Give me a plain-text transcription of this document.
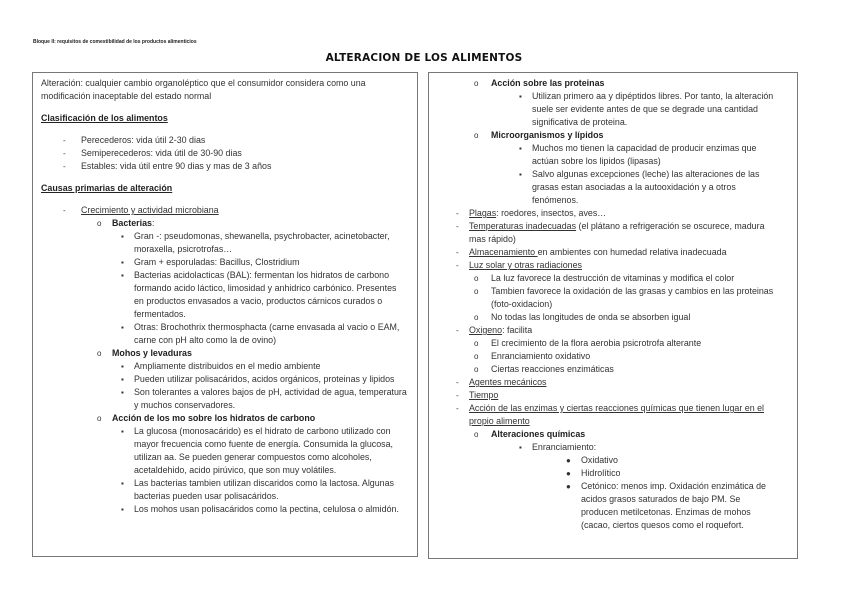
Bloque II: requisitos de comestibilidad de los productos alimenticios
ALTERACION DE LOS ALIMENTOS
Alteración: cualquier cambio organoléptico que el consumidor considera como una modificación inaceptable del estado normal
Clasificación de los alimentos
- Perecederos: vida útil 2-30 dias
- Semiperecederos: vida útil de 30-90 dias
- Estables: vida útil entre 90 dias y mas de 3 años
Causas primarias de alteración
- Crecimiento y actividad microbiana
o Bacterias:
▪ Gran -: pseudomonas, shewanella, psychrobacter, acinetobacter, moraxella, psicrotrofas…
▪ Gram + esporuladas: Bacillus, Clostridium
▪ Bacterias acidolacticas (BAL): fermentan los hidratos de carbono formando acido láctico, limosidad y anhidrico carbónico. Presentes en productos envasados a vacio, productos cárnicos curados o fermentados.
▪ Otras: Brochothrix thermosphacta (carne envasada al vacio o EAM, carne con pH alto como la de ovino)
o Mohos y levaduras
▪ Ampliamente distribuidos en el medio ambiente
▪ Pueden utilizar polisacáridos, acidos orgánicos, proteinas y lipidos
▪ Son tolerantes a valores bajos de pH, actividad de agua, temperatura y muchos conservadores.
o Acción de los mo sobre los hidratos de carbono
▪ La glucosa (monosacárido) es el hidrato de carbono utilizado con mayor frecuencia como fuente de energía. Consumida la glucosa, utilizan aa. Se pueden generar compuestos como alcoholes, acetaldehido, acido pirúvico, que son muy volátiles.
▪ Las bacterias tambien utilizan discaridos como la lactosa. Algunas bacterias pueden usar polisacáridos.
▪ Los mohos usan polisacáridos como la pectina, celulosa o almidón.
o Acción sobre las proteinas
▪ Utilizan primero aa y dipéptidos libres. Por tanto, la alteración suele ser evidente antes de que se degrade una cantidad significativa de proteina.
o Microorganismos y lípidos
▪ Muchos mo tienen la capacidad de producir enzimas que actúan sobre los lipidos (lipasas)
▪ Salvo algunas excepciones (leche) las alteraciones de las grasas estan asociadas a la autooxidación y a otros fenómenos.
- Plagas: roedores, insectos, aves…
- Temperaturas inadecuadas (el plátano a refrigeración se oscurece, madura mas rápido)
- Almacenamiento en ambientes con humedad relativa inadecuada
- Luz solar y otras radiaciones
o La luz favorece la destrucción de vitaminas y modifica el color
o Tambien favorece la oxidación de las grasas y cambios en las proteinas (foto-oxidacion)
o No todas las longitudes de onda se absorben igual
- Oxigeno: facilita
o El crecimiento de la flora aerobia psicrotrofa alterante
o Enranciamiento oxidativo
o Ciertas reacciones enzimáticas
- Agentes mecánicos
- Tiempo
- Acción de las enzimas y ciertas reacciones químicas que tienen lugar en el propio alimento
o Alteraciones químicas
▪ Enranciamiento:
● Oxidativo
● Hidrolítico
● Cetónico: menos imp. Oxidación enzimática de acidos grasos saturados de bajo PM. Se producen metilcetonas. Enzimas de mohos (cacao, ciertos quesos como el roquefort.
